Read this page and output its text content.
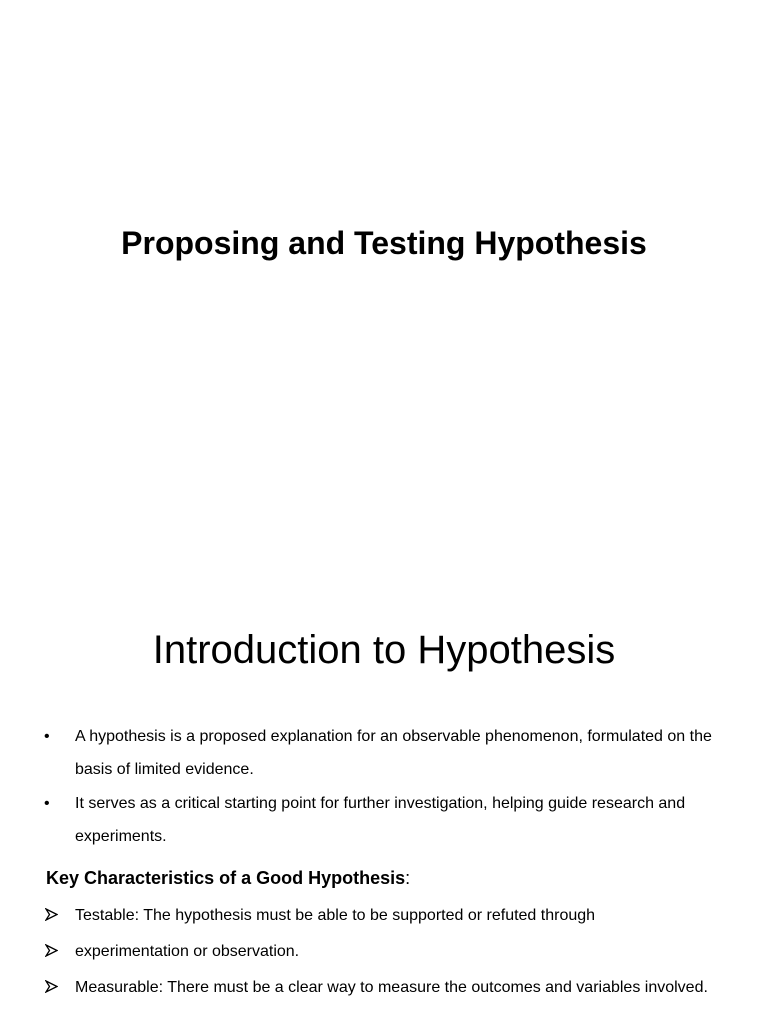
Proposing and Testing Hypothesis
Introduction to Hypothesis
• A hypothesis is a proposed explanation for an observable phenomenon, formulated on the basis of limited evidence.
• It serves as a critical starting point for further investigation, helping guide research and experiments.

Key Characteristics of a Good Hypothesis:

Testable: The hypothesis must be able to be supported or refuted through
experimentation or observation.
Measurable: There must be a clear way to measure the outcomes and variables involved.
